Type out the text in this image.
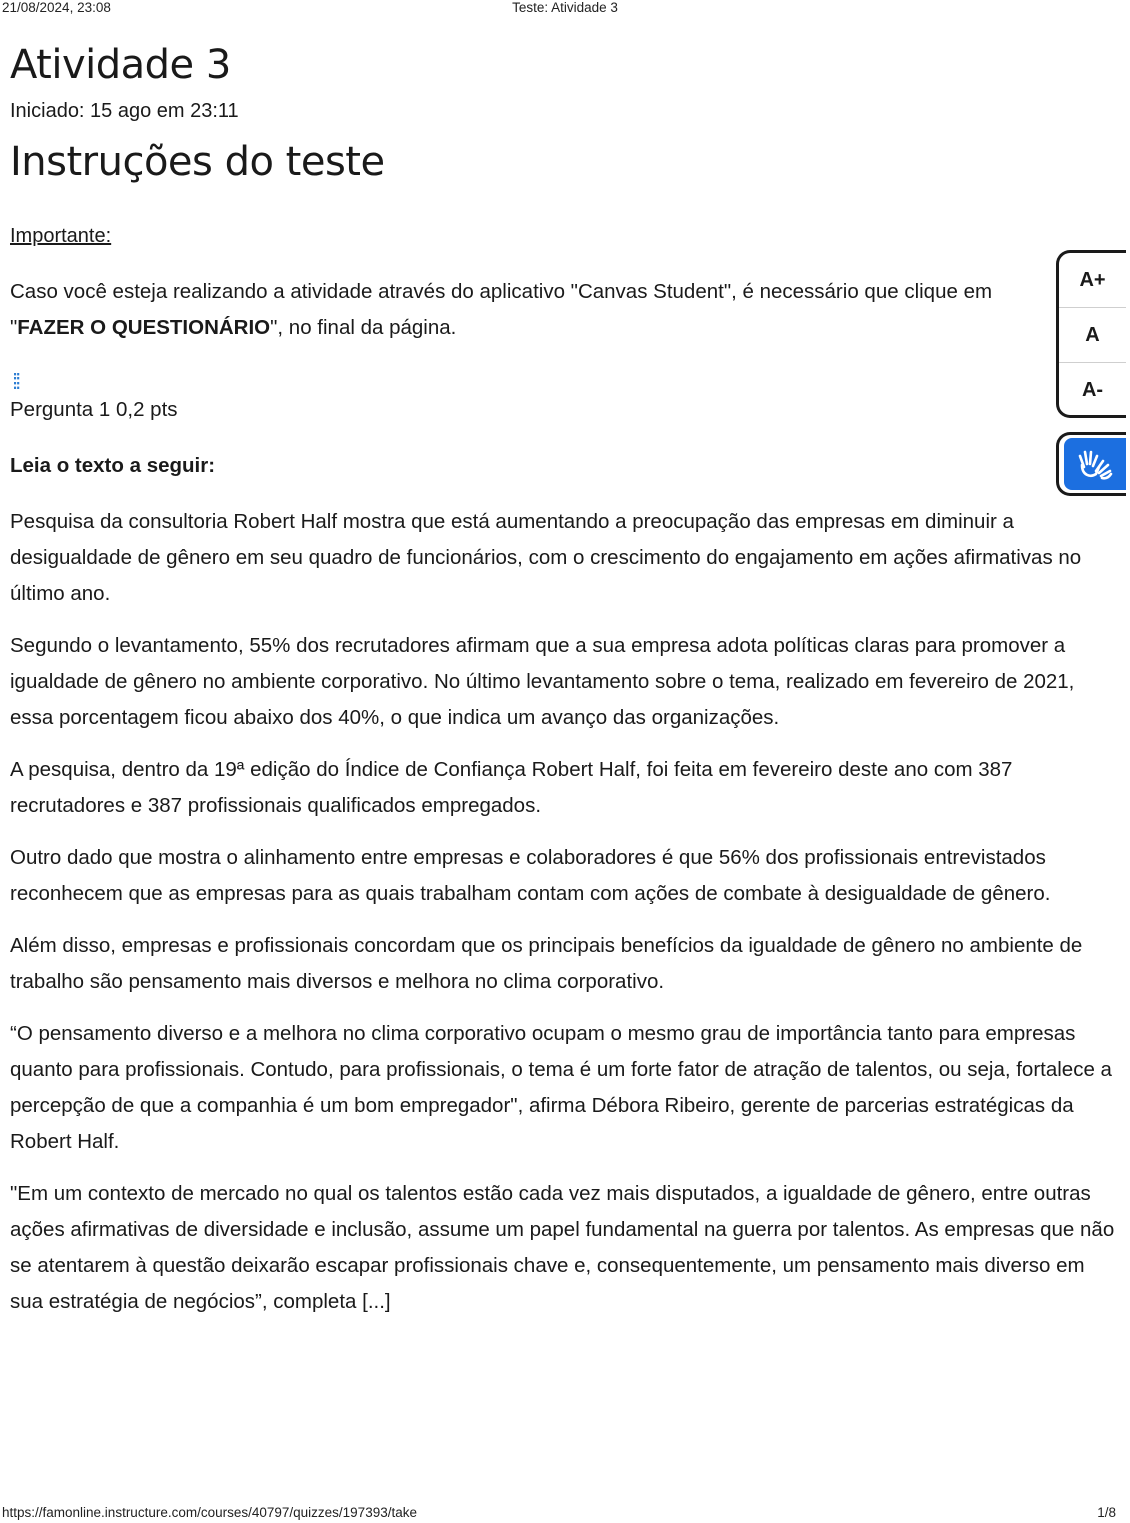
21/08/2024, 23:08	Teste: Atividade 3
Atividade 3
Iniciado: 15 ago em 23:11
Instruções do teste
Importante:

Caso você esteja realizando a atividade através do aplicativo "Canvas Student", é necessário que clique em "FAZER O QUESTIONÁRIO", no final da página.

⁞⁞
Pergunta 1 0,2 pts
Leia o texto a seguir:

Pesquisa da consultoria Robert Half mostra que está aumentando a preocupação das empresas em diminuir a desigualdade de gênero em seu quadro de funcionários, com o crescimento do engajamento em ações afirmativas no último ano.

Segundo o levantamento, 55% dos recrutadores afirmam que a sua empresa adota políticas claras para promover a igualdade de gênero no ambiente corporativo. No último levantamento sobre o tema, realizado em fevereiro de 2021, essa porcentagem ficou abaixo dos 40%, o que indica um avanço das organizações.

A pesquisa, dentro da 19ª edição do Índice de Confiança Robert Half, foi feita em fevereiro deste ano com 387 recrutadores e 387 profissionais qualificados empregados.

Outro dado que mostra o alinhamento entre empresas e colaboradores é que 56% dos profissionais entrevistados reconhecem que as empresas para as quais trabalham contam com ações de combate à desigualdade de gênero.

Além disso, empresas e profissionais concordam que os principais benefícios da igualdade de gênero no ambiente de trabalho são pensamento mais diversos e melhora no clima corporativo.

“O pensamento diverso e a melhora no clima corporativo ocupam o mesmo grau de importância tanto para empresas quanto para profissionais. Contudo, para profissionais, o tema é um forte fator de atração de talentos, ou seja, fortalece a percepção de que a companhia é um bom empregador", afirma Débora Ribeiro, gerente de parcerias estratégicas da Robert Half.

"Em um contexto de mercado no qual os talentos estão cada vez mais disputados, a igualdade de gênero, entre outras ações afirmativas de diversidade e inclusão, assume um papel fundamental na guerra por talentos. As empresas que não se atentarem à questão deixarão escapar profissionais chave e, consequentemente, um pensamento mais diverso em sua estratégia de negócios”, completa [...]

A+
A
A-
https://famonline.instructure.com/courses/40797/quizzes/197393/take	1/8
